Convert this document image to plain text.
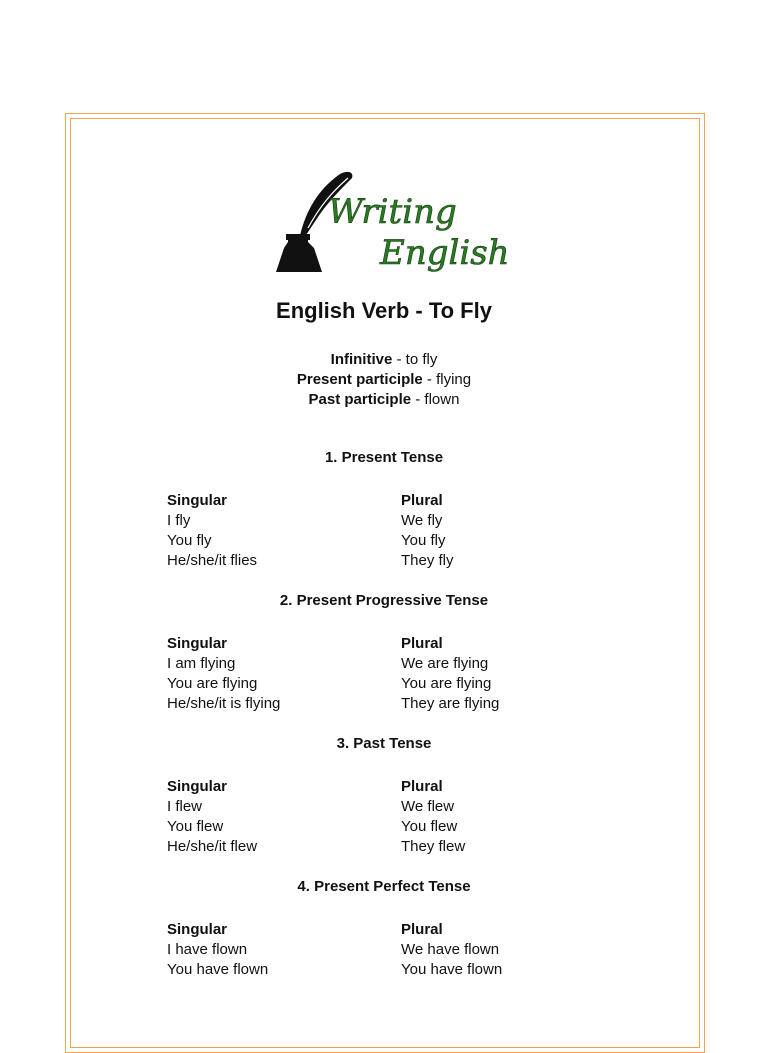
Writing
English
English Verb - To Fly
Infinitive - to fly
Present participle - flying
Past participle - flown
1. Present Tense
Singular
I fly
You fly
He/she/it flies
Plural
We fly
You fly
They fly
2. Present Progressive Tense
Singular
I am flying
You are flying
He/she/it is flying
Plural
We are flying
You are flying
They are flying
3. Past Tense
Singular
I flew
You flew
He/she/it flew
Plural
We flew
You flew
They flew
4. Present Perfect Tense
Singular
I have flown
You have flown
Plural
We have flown
You have flown
